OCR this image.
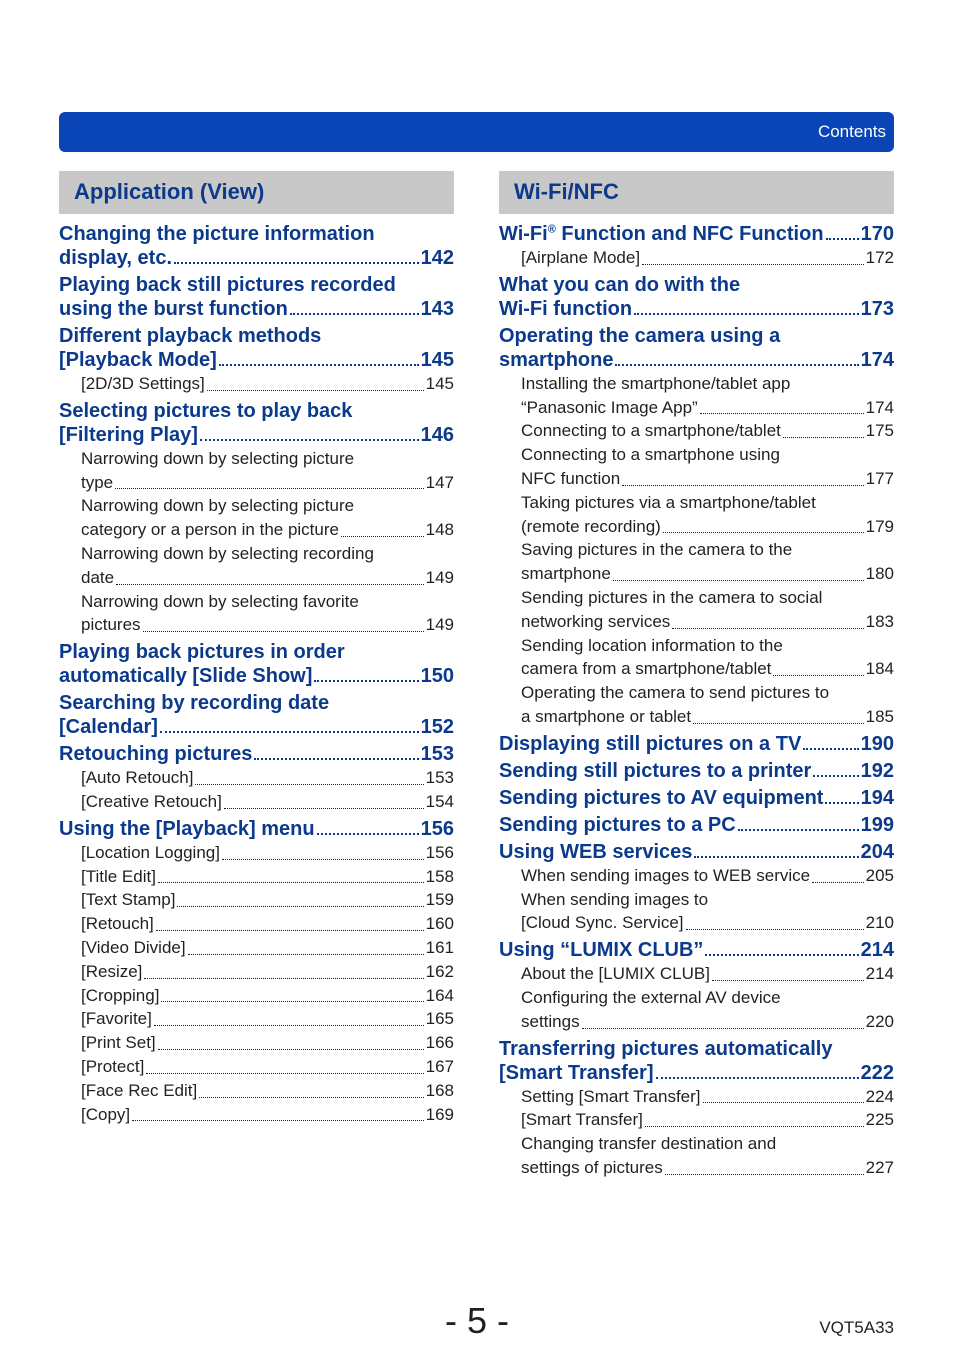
Contents
Application (View)
Changing the picture information
display, etc.	142
Playing back still pictures recorded
using the burst function	143
Different playback methods
[Playback Mode]	145
[2D/3D Settings]	145
Selecting pictures to play back
[Filtering Play]	146
Narrowing down by selecting picture
type	147
Narrowing down by selecting picture
category or a person in the picture	148
Narrowing down by selecting recording
date	149
Narrowing down by selecting favorite
pictures	149
Playing back pictures in order
automatically [Slide Show]	150
Searching by recording date
[Calendar]	152
Retouching pictures	153
[Auto Retouch]	153
[Creative Retouch]	154
Using the [Playback] menu	156
[Location Logging]	156
[Title Edit]	158
[Text Stamp]	159
[Retouch]	160
[Video Divide]	161
[Resize]	162
[Cropping]	164
[Favorite]	165
[Print Set]	166
[Protect]	167
[Face Rec Edit]	168
[Copy]	169
Wi-Fi/NFC
Wi-Fi® Function and NFC Function 170
[Airplane Mode]	172
What you can do with the
Wi-Fi function	173
Operating the camera using a
smartphone	174
Installing the smartphone/tablet app
“Panasonic Image App”	174
Connecting to a smartphone/tablet	175
Connecting to a smartphone using
NFC function	177
Taking pictures via a smartphone/tablet
(remote recording)	179
Saving pictures in the camera to the
smartphone	180
Sending pictures in the camera to social
networking services	183
Sending location information to the
camera from a smartphone/tablet	184
Operating the camera to send pictures to
a smartphone or tablet	185
Displaying still pictures on a TV	190
Sending still pictures to a printer 192
Sending pictures to AV equipment 194
Sending pictures to a PC	199
Using WEB services	204
When sending images to WEB service	205
When sending images to
[Cloud Sync. Service]	210
Using “LUMIX CLUB”	214
About the [LUMIX CLUB]	214
Configuring the external AV device
settings	220
Transferring pictures automatically
[Smart Transfer]	222
Setting [Smart Transfer]	224
[Smart Transfer]	225
Changing transfer destination and
settings of pictures	227
- 5 -	VQT5A33
